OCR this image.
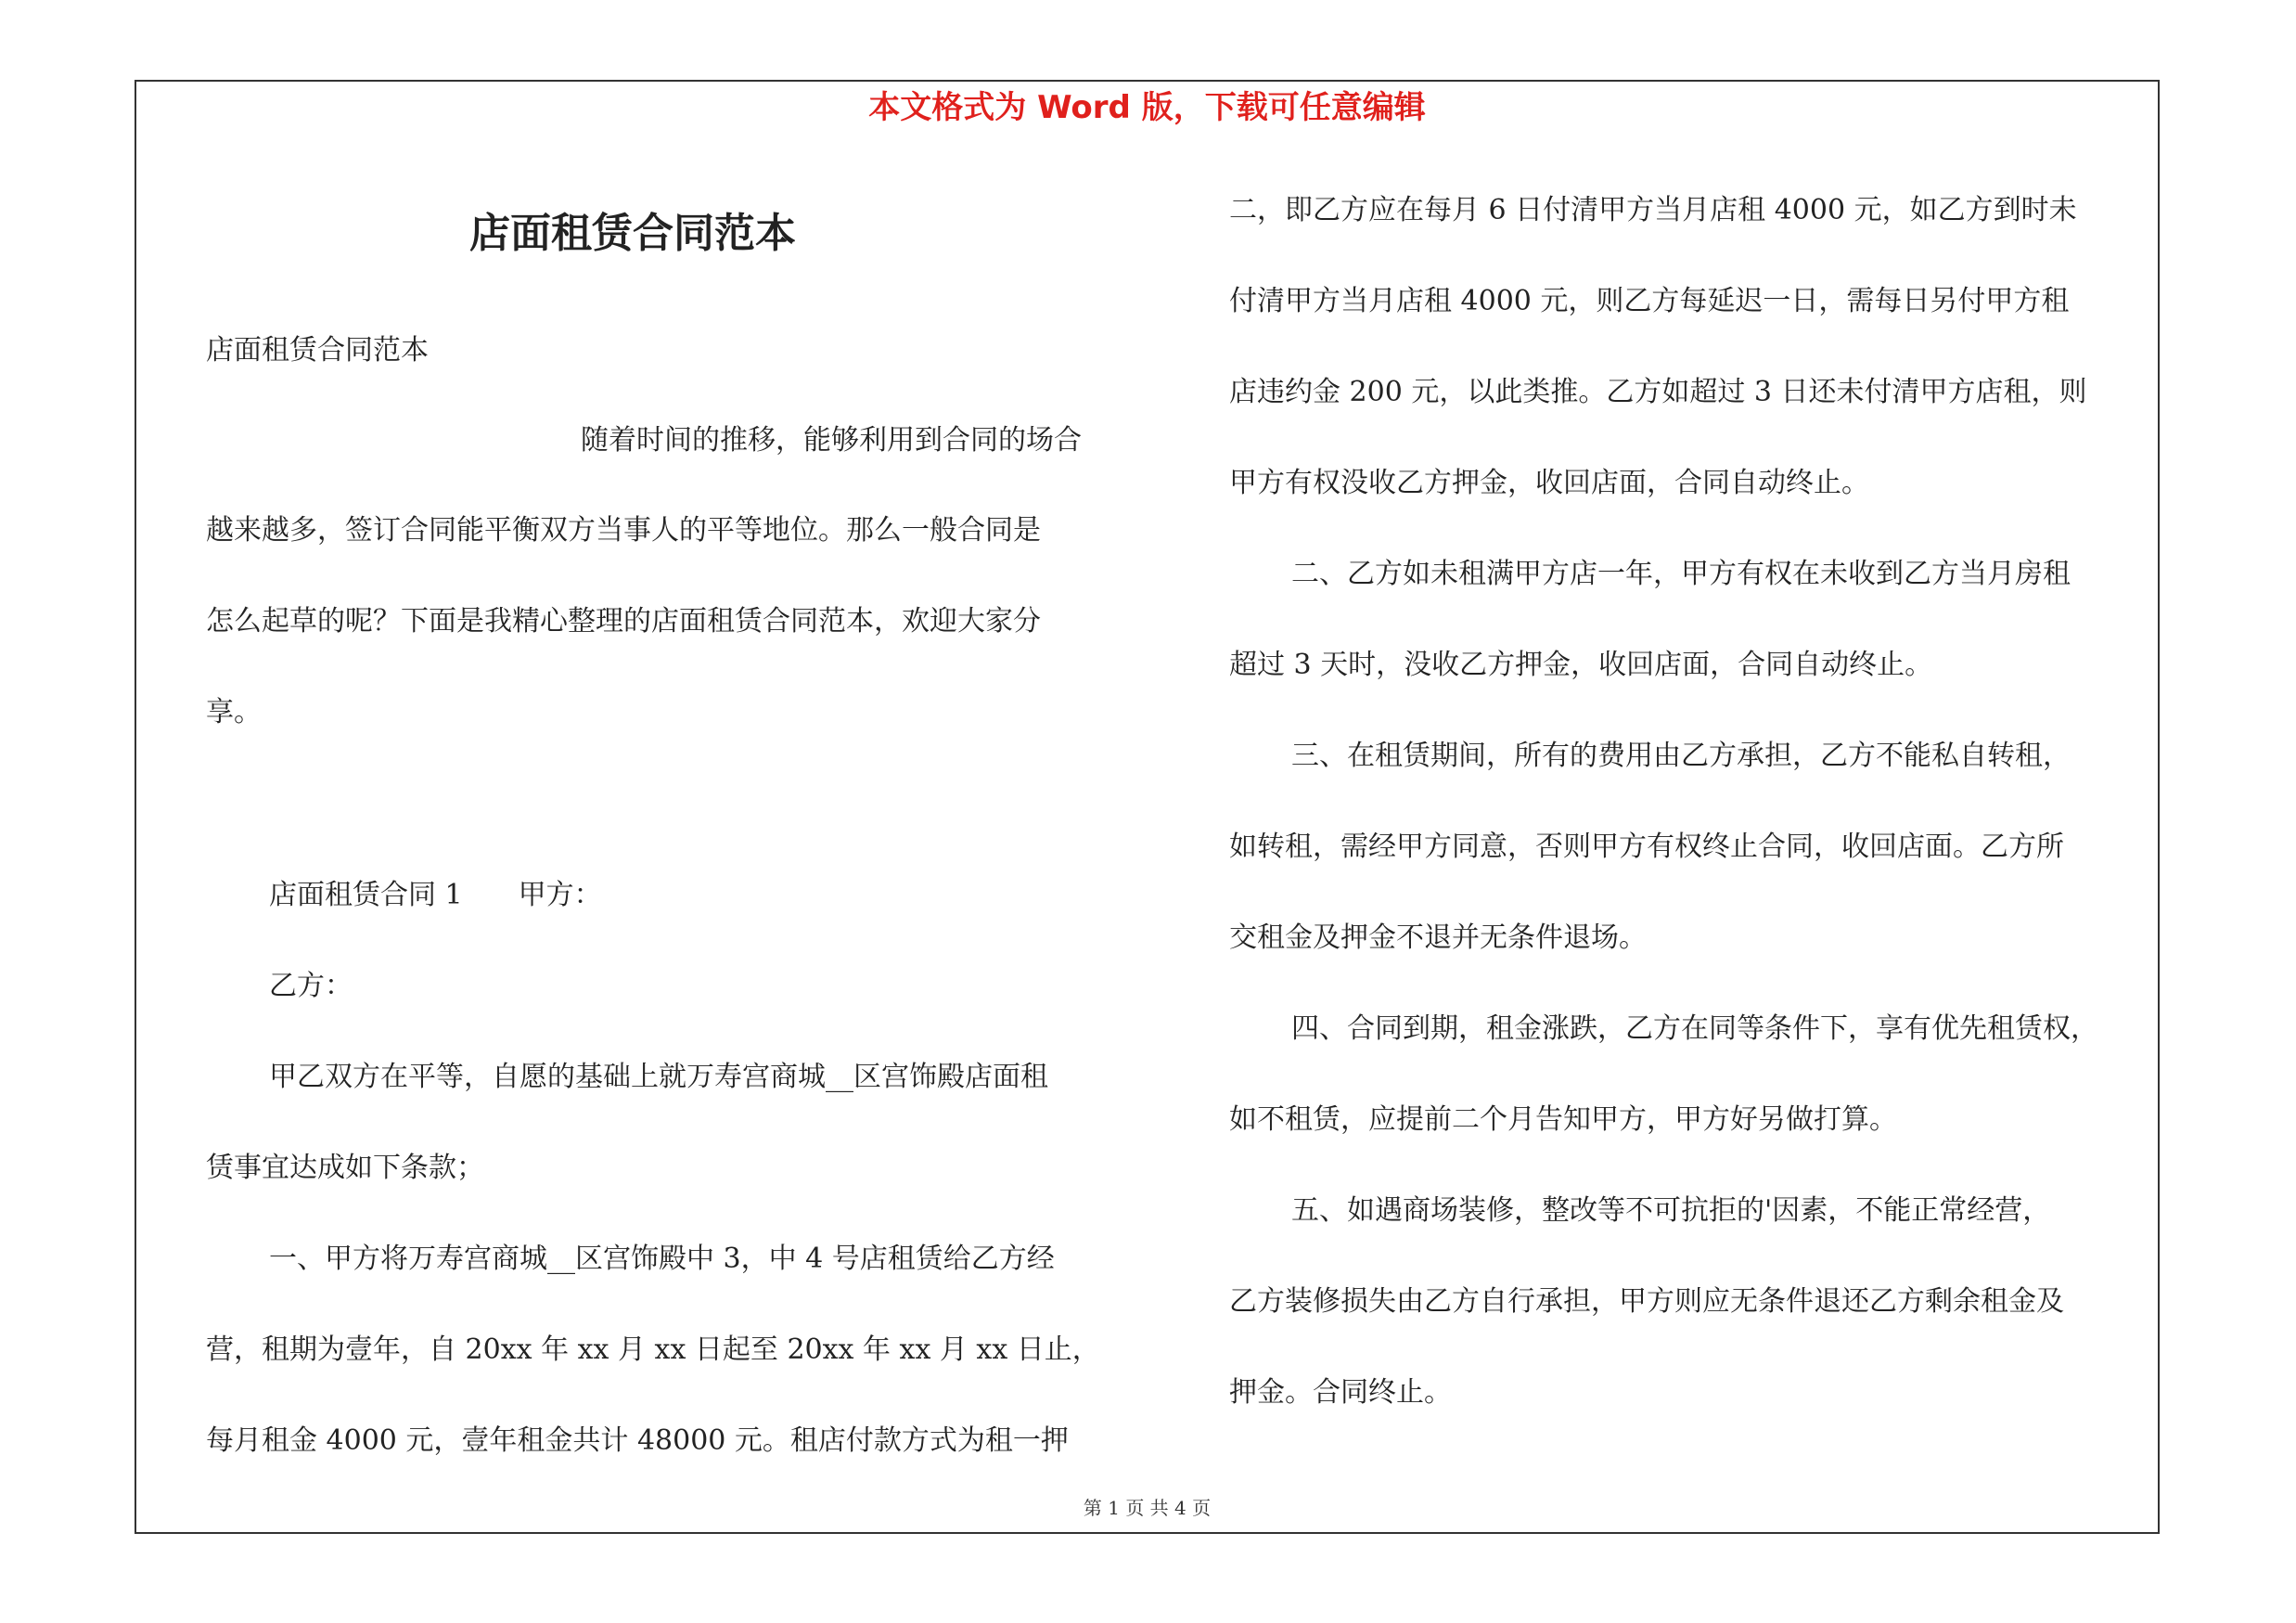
本文格式为 Word 版，下载可任意编辑
店面租赁合同范本
店面租赁合同范本
随着时间的推移，能够利用到合同的场合
越来越多，签订合同能平衡双方当事人的平等地位。那么一般合同是
怎么起草的呢？下面是我精心整理的店面租赁合同范本，欢迎大家分
享。
店面租赁合同 1　　甲方：
乙方：
甲乙双方在平等，自愿的基础上就万寿宫商城__区宫饰殿店面租
赁事宜达成如下条款；
一、甲方将万寿宫商城__区宫饰殿中 3，中 4 号店租赁给乙方经
营，租期为壹年，自 20xx 年 xx 月 xx 日起至 20xx 年 xx 月 xx 日止，
每月租金 4000 元，壹年租金共计 48000 元。租店付款方式为租一押
二，即乙方应在每月 6 日付清甲方当月店租 4000 元，如乙方到时未
付清甲方当月店租 4000 元，则乙方每延迟一日，需每日另付甲方租
店违约金 200 元，以此类推。乙方如超过 3 日还未付清甲方店租，则
甲方有权没收乙方押金，收回店面，合同自动终止。
二、乙方如未租满甲方店一年，甲方有权在未收到乙方当月房租
超过 3 天时，没收乙方押金，收回店面，合同自动终止。
三、在租赁期间，所有的费用由乙方承担，乙方不能私自转租，
如转租，需经甲方同意，否则甲方有权终止合同，收回店面。乙方所
交租金及押金不退并无条件退场。
四、合同到期，租金涨跌，乙方在同等条件下，享有优先租赁权，
如不租赁，应提前二个月告知甲方，甲方好另做打算。
五、如遇商场装修，整改等不可抗拒的'因素，不能正常经营，
乙方装修损失由乙方自行承担，甲方则应无条件退还乙方剩余租金及
押金。合同终止。
第 1 页 共 4 页
